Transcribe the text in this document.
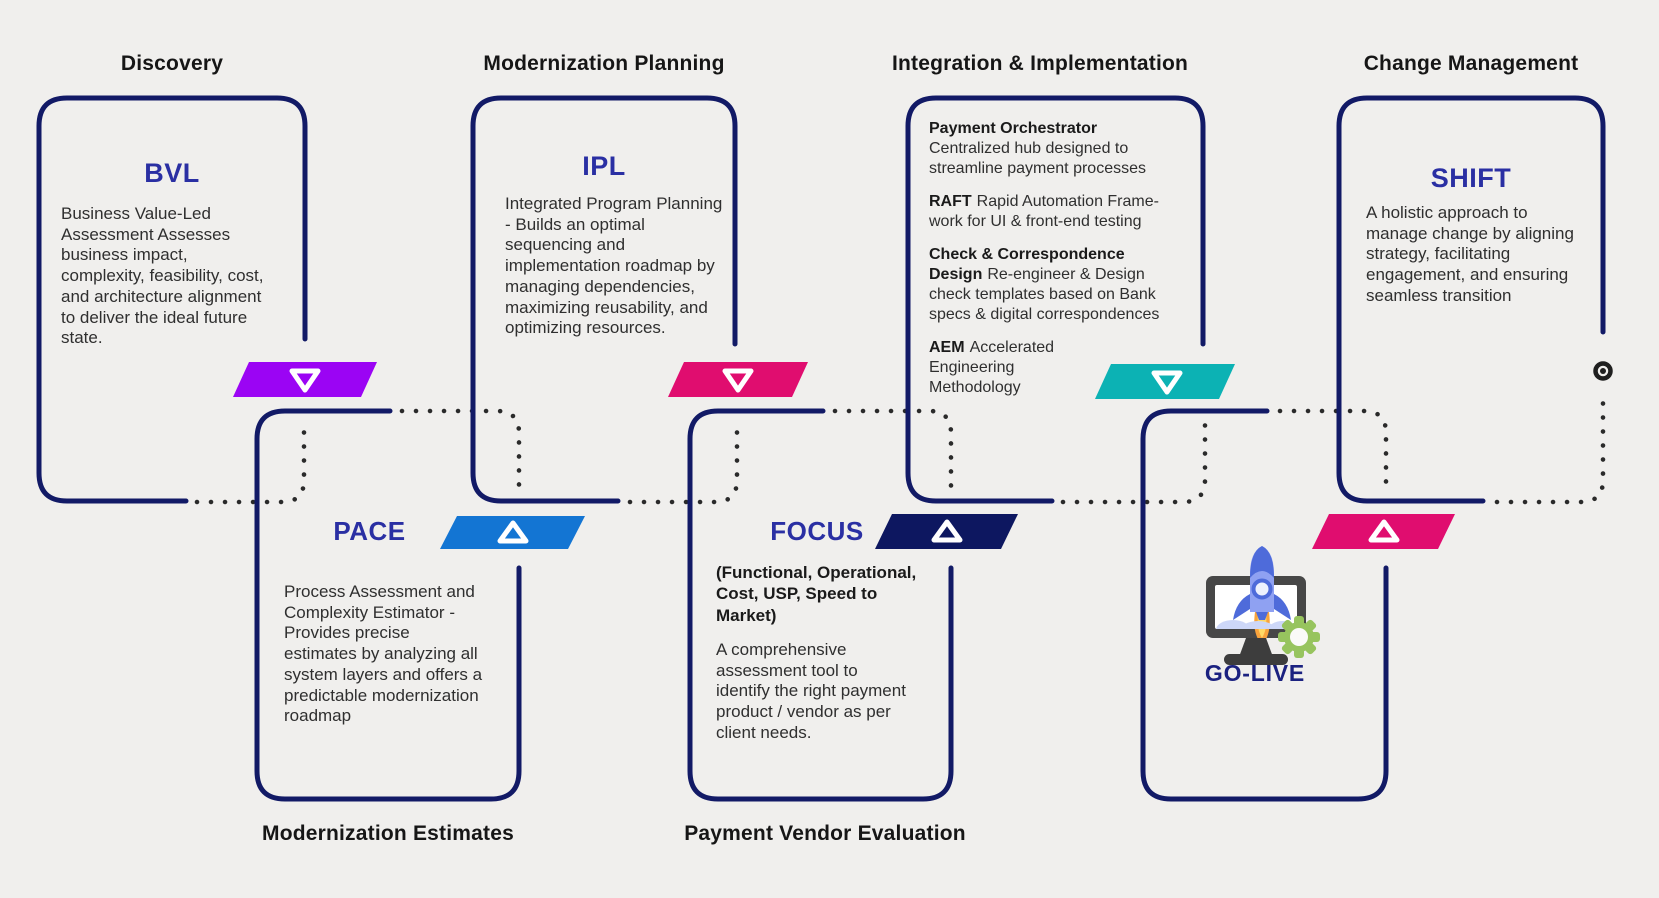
Discovery	Modernization Planning	Integration & Implementation	Change Management
Modernization Estimates	Payment Vendor Evaluation
BVL
Business Value-Led Assessment Assesses business impact, complexity, feasibility, cost, and architecture alignment to deliver the ideal future state.
IPL
Integrated Program Planning - Builds an optimal sequencing and implementation roadmap by managing dependencies, maximizing reusability, and optimizing resources.

Payment Orchestrator
Centralized hub designed to streamline payment processes

RAFT Rapid Automation Frame-work for UI & front-end testing

Check & Correspondence Design Re-engineer & Design check templates based on Bank specs & digital correspondences

AEM Accelerated Engineering Methodology

SHIFT
A holistic approach to manage change by aligning strategy, facilitating engagement, and ensuring seamless transition
PACE
Process Assessment and Complexity Estimator - Provides precise estimates by analyzing all system layers and offers a predictable modernization roadmap
FOCUS
(Functional, Operational, Cost, USP, Speed to Market)
A comprehensive assessment tool to identify the right payment product / vendor as per client needs.
GO-LIVE
